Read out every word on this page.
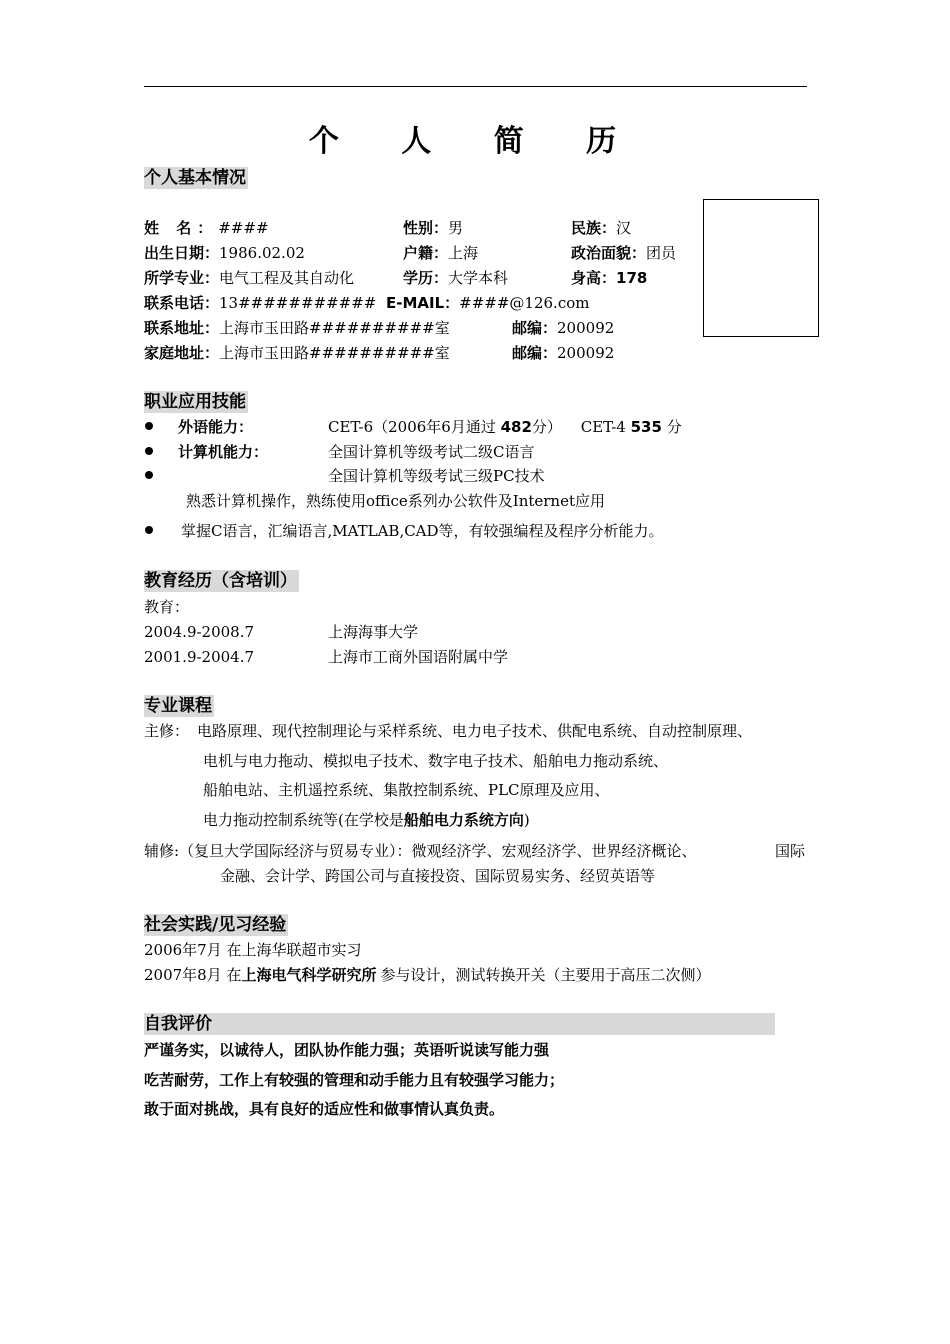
个 人 简 历
个人基本情况
姓 名：####	性别：男	民族：汉
出生日期：1986.02.02	户籍：上海	政治面貌：团员
所学专业：电气工程及其自动化	学历：大学本科	身高：178
联系电话：13########### E-MAIL：####@126.com
联系地址：上海市玉田路##########室	邮编：200092
家庭地址：上海市玉田路##########室	邮编：200092
职业应用技能
外语能力：	CET-6（2006年6月通过 482分） CET-4 535 分
计算机能力：	全国计算机等级考试二级C语言
全国计算机等级考试三级PC技术
熟悉计算机操作，熟练使用office系列办公软件及Internet应用
掌握C语言，汇编语言,MATLAB,CAD等，有较强编程及程序分析能力。
教育经历（含培训）
教育：
2004.9-2008.7	上海海事大学
2001.9-2004.7	上海市工商外国语附属中学
专业课程
主修： 电路原理、现代控制理论与采样系统、电力电子技术、供配电系统、自动控制原理、
电机与电力拖动、模拟电子技术、数字电子技术、船舶电力拖动系统、
船舶电站、主机遥控系统、集散控制系统、PLC原理及应用、
电力拖动控制系统等(在学校是船舶电力系统方向)
辅修:（复旦大学国际经济与贸易专业）：微观经济学、宏观经济学、世界经济概论、	国际
金融、会计学、跨国公司与直接投资、国际贸易实务、经贸英语等
社会实践/见习经验
2006年7月 在上海华联超市实习
2007年8月 在上海电气科学研究所 参与设计，测试转换开关（主要用于高压二次侧）
自我评价
严谨务实，以诚待人，团队协作能力强；英语听说读写能力强
吃苦耐劳，工作上有较强的管理和动手能力且有较强学习能力；
敢于面对挑战，具有良好的适应性和做事情认真负责。
